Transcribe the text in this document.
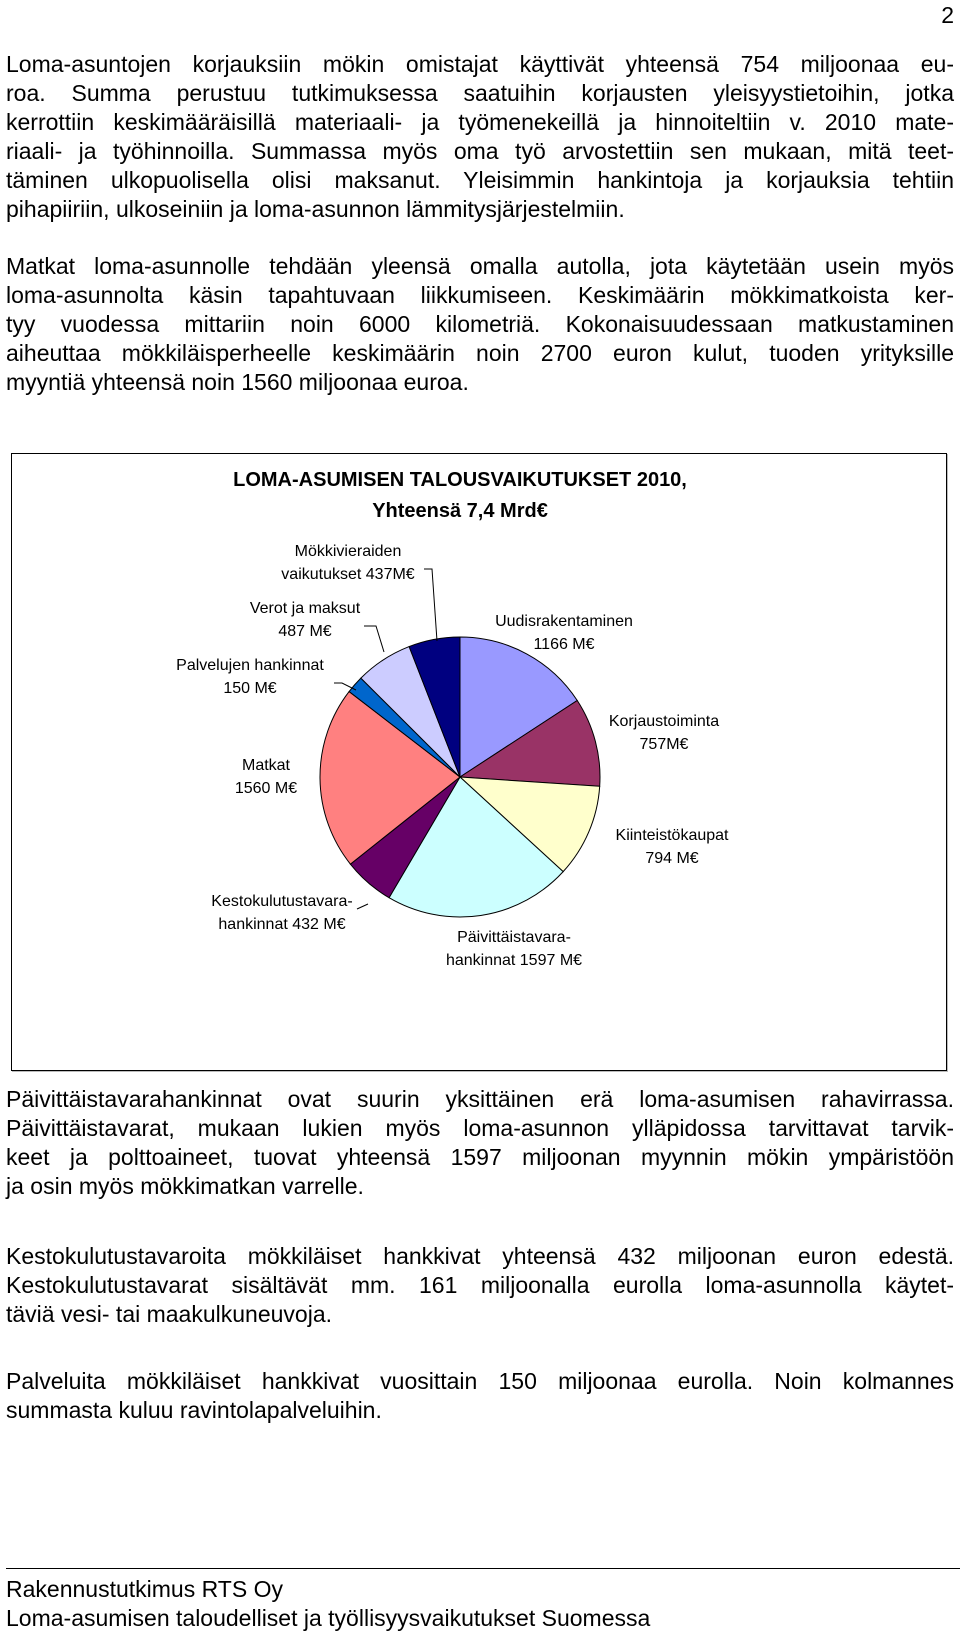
2

Loma-asuntojen korjauksiin mökin omistajat käyttivät yhteensä 754 miljoonaa eu-
roa. Summa perustuu tutkimuksessa saatuihin korjausten yleisyystietoihin, jotka
kerrottiin keskimääräisillä materiaali- ja työmenekeillä ja hinnoiteltiin v. 2010 mate-
riaali- ja työhinnoilla. Summassa myös oma työ arvostettiin sen mukaan, mitä teet-
täminen ulkopuolisella olisi maksanut. Yleisimmin hankintoja ja korjauksia tehtiin
pihapiiriin, ulkoseiniin ja loma-asunnon lämmitysjärjestelmiin.

Matkat loma-asunnolle tehdään yleensä omalla autolla, jota käytetään usein myös
loma-asunnolta käsin tapahtuvaan liikkumiseen. Keskimäärin mökkimatkoista ker-
tyy vuodessa mittariin noin 6000 kilometriä. Kokonaisuudessaan matkustaminen
aiheuttaa mökkiläisperheelle keskimäärin noin 2700 euron kulut, tuoden yrityksille
myyntiä yhteensä noin 1560 miljoonaa euroa.

LOMA-ASUMISEN TALOUSVAIKUTUKSET 2010,
Yhteensä 7,4 Mrd€
Uudisrakentaminen 1166 M€
Korjaustoiminta 757M€
Kiinteistökaupat 794 M€
Päivittäistavara-hankinnat 1597 M€
Kestokulutustavara-hankinnat 432 M€
Matkat 1560 M€
Palvelujen hankinnat 150 M€
Verot ja maksut 487 M€
Mökkivieraiden vaikutukset 437M€

Päivittäistavarahankinnat ovat suurin yksittäinen erä loma-asumisen rahavirrassa.
Päivittäistavarat, mukaan lukien myös loma-asunnon ylläpidossa tarvittavat tarvik-
keet ja polttoaineet, tuovat yhteensä 1597 miljoonan myynnin mökin ympäristöön
ja osin myös mökkimatkan varrelle.

Kestokulutustavaroita mökkiläiset hankkivat yhteensä 432 miljoonan euron edestä.
Kestokulutustavarat sisältävät mm. 161 miljoonalla eurolla loma-asunnolla käytet-
täviä vesi- tai maakulkuneuvoja.

Palveluita mökkiläiset hankkivat vuosittain 150 miljoonaa eurolla. Noin kolmannes
summasta kuluu ravintolapalveluihin.

Rakennustutkimus RTS Oy
Loma-asumisen taloudelliset ja työllisyysvaikutukset Suomessa
